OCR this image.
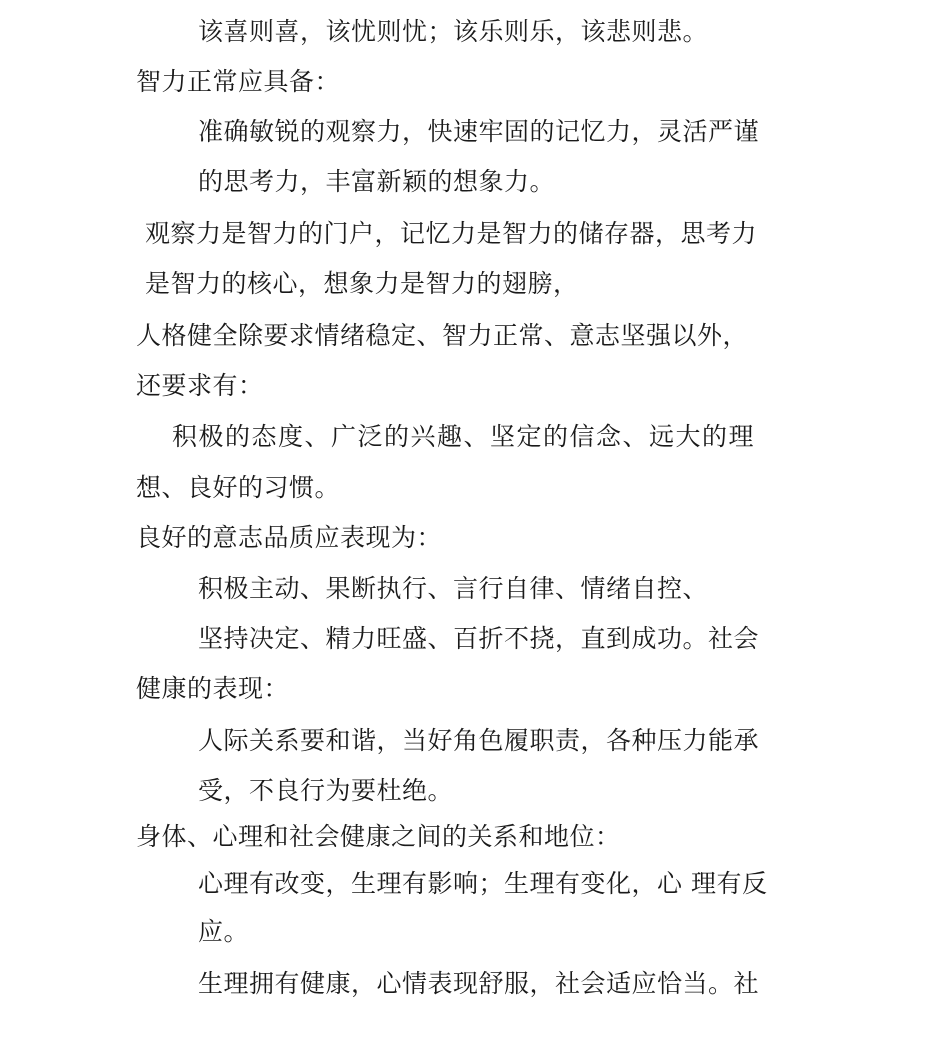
该喜则喜，该忧则忧；该乐则乐，该悲则悲。
智力正常应具备：
准确敏锐的观察力，快速牢固的记忆力，灵活严谨
的思考力，丰富新颖的想象力。
观察力是智力的门户，记忆力是智力的储存器，思考力
是智力的核心，想象力是智力的翅膀，
人格健全除要求情绪稳定、智力正常、意志坚强以外，
还要求有：
积极的态度、广泛的兴趣、坚定的信念、远大的理
想、良好的习惯。
良好的意志品质应表现为：
积极主动、果断执行、言行自律、情绪自控、
坚持决定、精力旺盛、百折不挠，直到成功。社会
健康的表现：
人际关系要和谐，当好角色履职责，各种压力能承
受，不良行为要杜绝。
身体、心理和社会健康之间的关系和地位：
心理有改变，生理有影响；生理有变化，心 理有反
应。
生理拥有健康，心情表现舒服，社会适应恰当。社
